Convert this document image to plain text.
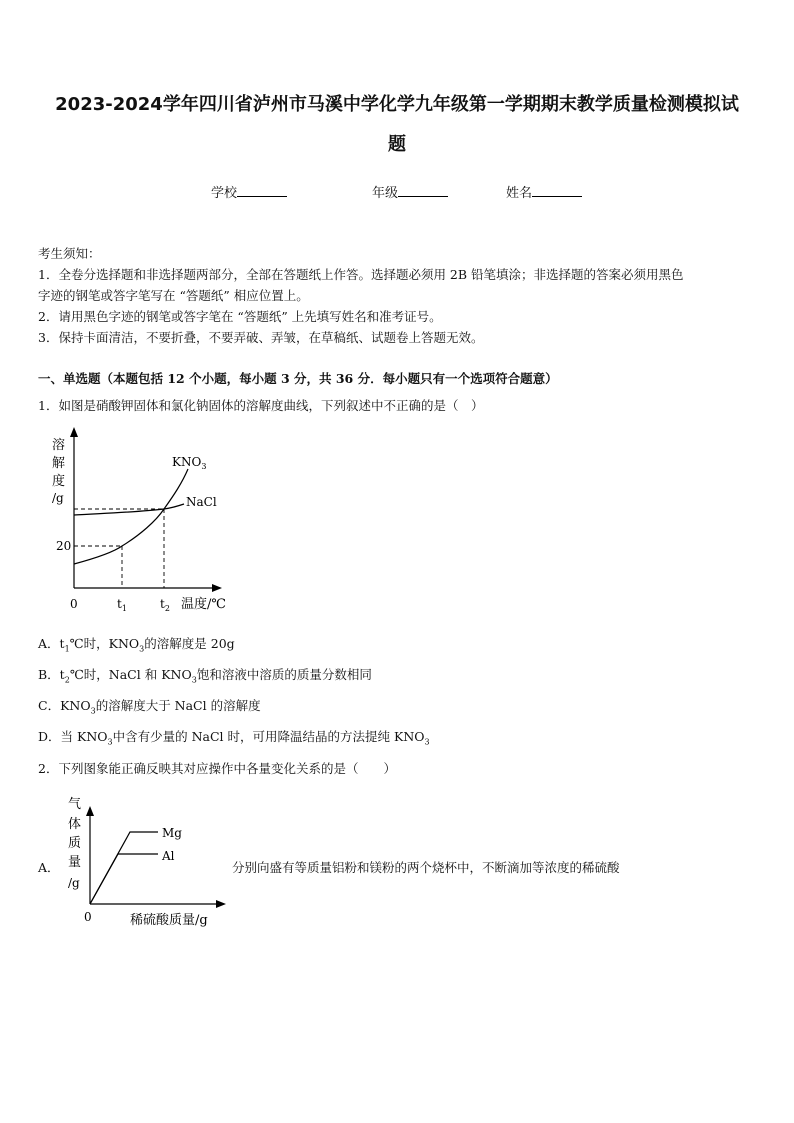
2023-2024学年四川省泸州市马溪中学化学九年级第一学期期末教学质量检测模拟试
题
学校	年级	姓名
考生须知：
1．全卷分选择题和非选择题两部分，全部在答题纸上作答。选择题必须用 2B 铅笔填涂；非选择题的答案必须用黑色
字迹的钢笔或答字笔写在 “答题纸” 相应位置上。
2．请用黑色字迹的钢笔或答字笔在 “答题纸” 上先填写姓名和准考证号。
3．保持卡面清洁，不要折叠，不要弄破、弄皱，在草稿纸、试题卷上答题无效。
一、单选题（本题包括 12 个小题，每小题 3 分，共 36 分．每小题只有一个选项符合题意）
1．如图是硝酸钾固体和氯化钠固体的溶解度曲线，下列叙述中不正确的是（　）
溶
解
度
/g
20
0	$t_1$	$t_2$ 温度/℃
$KNO_3$
NaCl
A．$t_1℃$时，$KNO_3$的溶解度是 20g
B．$t_2℃$时，NaCl 和 $KNO_3$饱和溶液中溶质的质量分数相同
C．$KNO_3$的溶解度大于 NaCl 的溶解度
D．当 $KNO_3$中含有少量的 NaCl 时，可用降温结晶的方法提纯 $KNO_3$
2．下列图象能正确反映其对应操作中各量变化关系的是（　　）
A．
气
体
质
量
/g
0	稀硫酸质量/g
Mg
Al
分别向盛有等质量铝粉和镁粉的两个烧杯中，不断滴加等浓度的稀硫酸
